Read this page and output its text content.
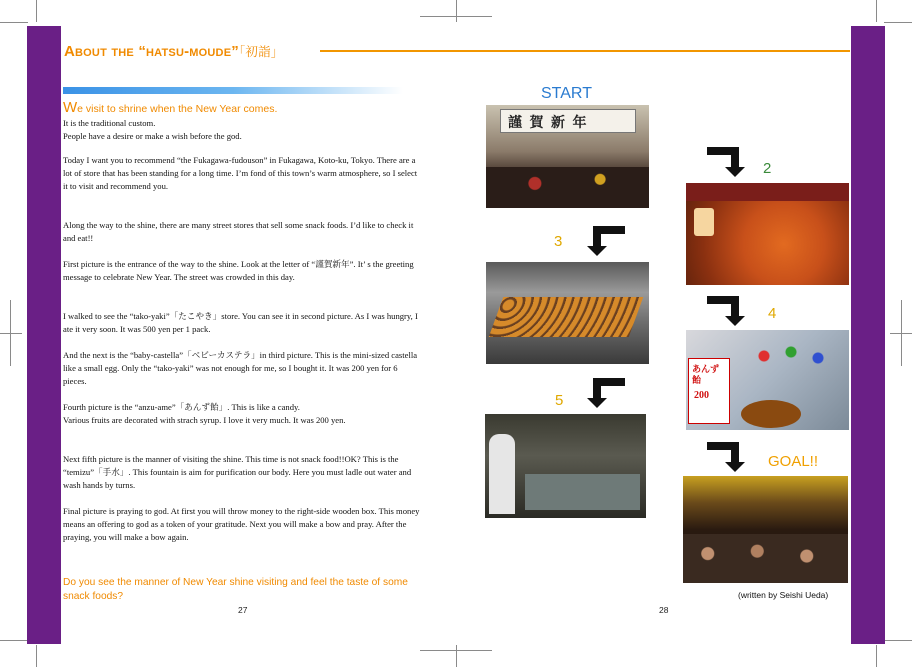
About the “hatsu-moude”「初詣」
We visit to shrine when the New Year comes.

It is the traditional custom.
People have a desire or make a wish before the god.

Today I want you to recommend “the Fukagawa-fudouson” in Fukagawa, Koto-ku, Tokyo. There are a lot of store that has been standing for a long time. I’m fond of this town’s warm atmosphere, so I select it to visit and recommend you.

Along the way to the shine, there are many street stores that sell some snack foods. I’d like to check it and eat!!

First picture is the entrance of the way to the shine. Look at the letter of “謹賀新年”. It’ s the greeting message to celebrate New Year. The street was crowded in this day.

I walked to see the “tako-yaki”「たこやき」store. You can see it in second picture. As I was hungry, I ate it very soon. It was 500 yen per 1 pack.

And the next is the “baby-castella”「ベビーカステラ」in third picture. This is the mini-sized castella like a small egg. Only the “tako-yaki” was not enough for me, so I bought it. It was 200 yen for 6 pieces.

Fourth picture is the “anzu-ame”「あんず飴」. This is like a candy.
Various fruits are decorated with strach syrup. I love it very much. It was 200 yen.

Next fifth picture is the manner of visiting the shine. This time is not snack food!!OK? This is the “temizu”「手水」. This fountain is aim for purification our body. Here you must ladle out water and wash hands by turns.

Final picture is praying to god. At first you will throw money to the right-side wooden box. This money means an offering to god as a token of your gratitude. Next you will make a bow and pray. After the praying, you will make a bow again.

Do you see the manner of New Year shine visiting and feel the taste of some snack foods?

27
START
謹 賀 新 年
あんず飴
200
2
3
4
5
GOAL!!
(written by Seishi Ueda)
28
